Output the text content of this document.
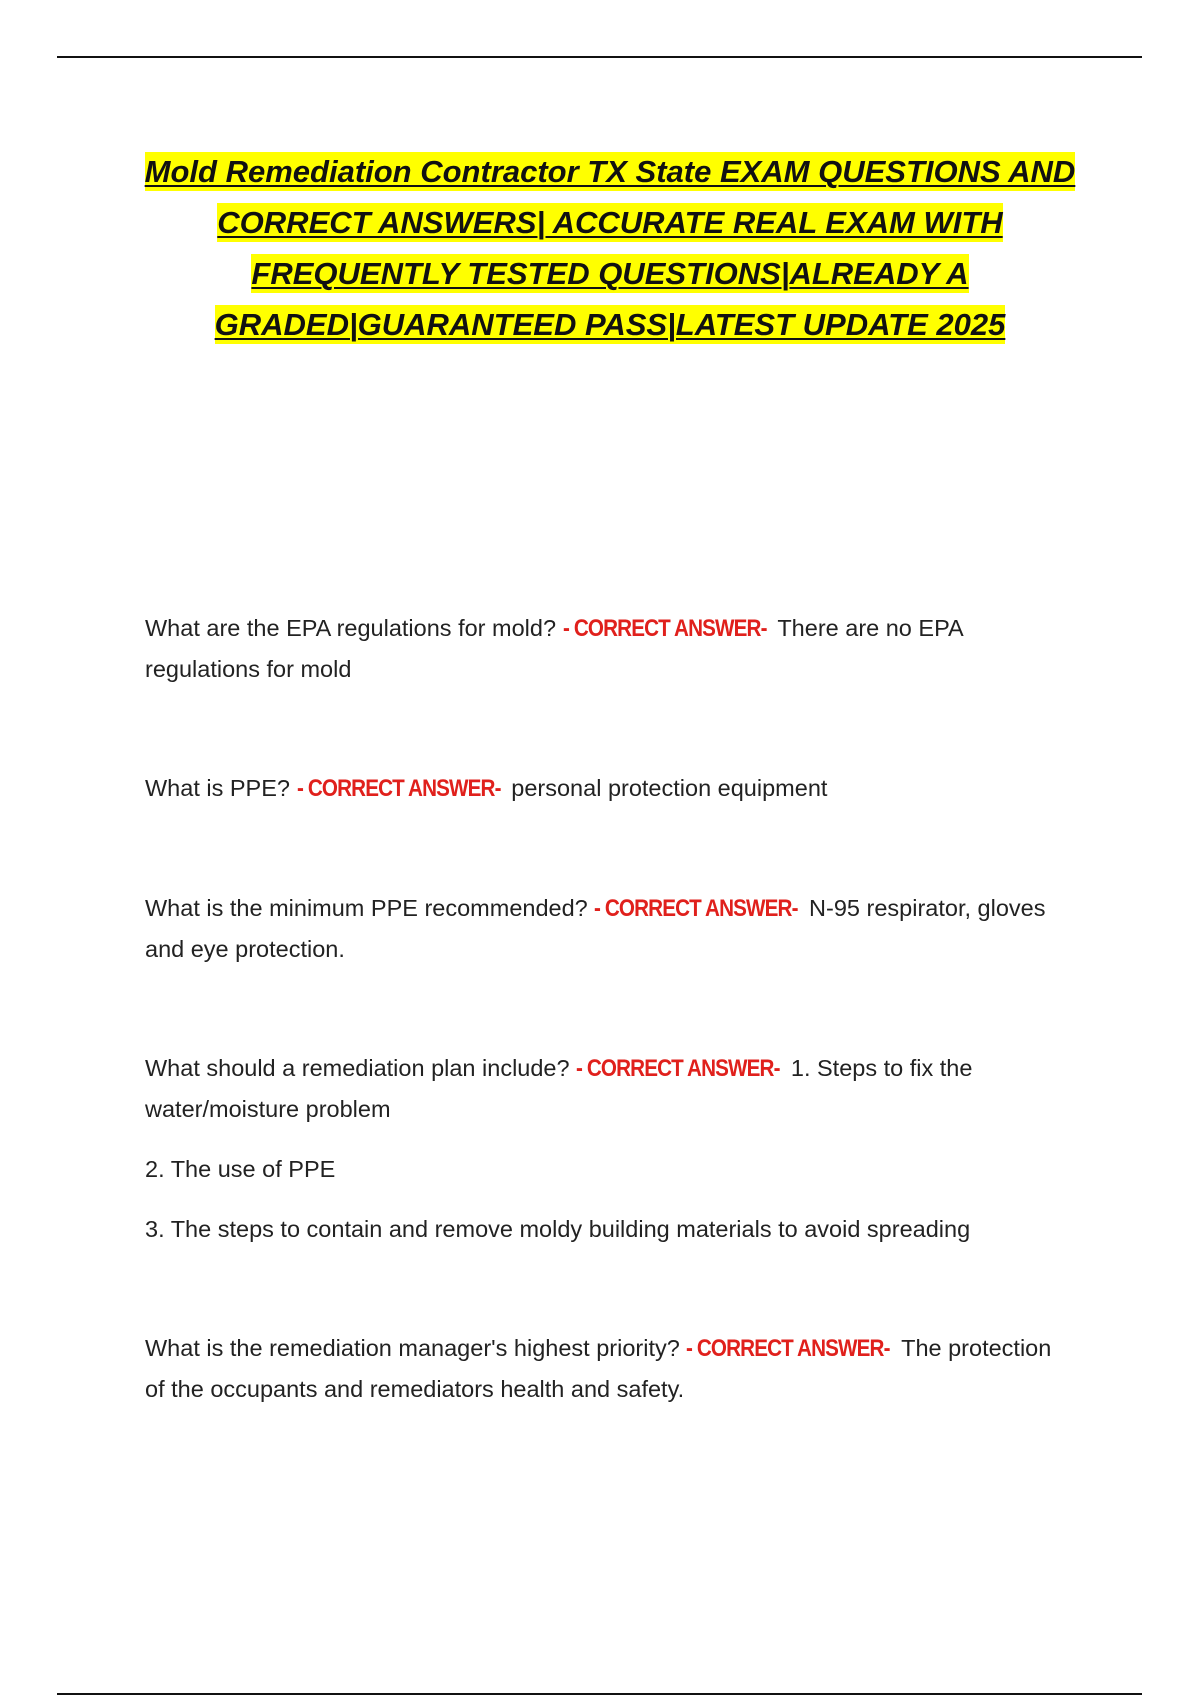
Mold Remediation Contractor TX State EXAM QUESTIONS AND
CORRECT ANSWERS| ACCURATE REAL EXAM WITH
FREQUENTLY TESTED QUESTIONS|ALREADY A
GRADED|GUARANTEED PASS|LATEST UPDATE 2025

What are the EPA regulations for mold? - CORRECT ANSWER- There are no EPA regulations for mold

What is PPE? - CORRECT ANSWER- personal protection equipment

What is the minimum PPE recommended? - CORRECT ANSWER- N-95 respirator, gloves and eye protection.

What should a remediation plan include? - CORRECT ANSWER- 1. Steps to fix the water/moisture problem

2. The use of PPE

3. The steps to contain and remove moldy building materials to avoid spreading

What is the remediation manager's highest priority? - CORRECT ANSWER- The protection of the occupants and remediators health and safety.
